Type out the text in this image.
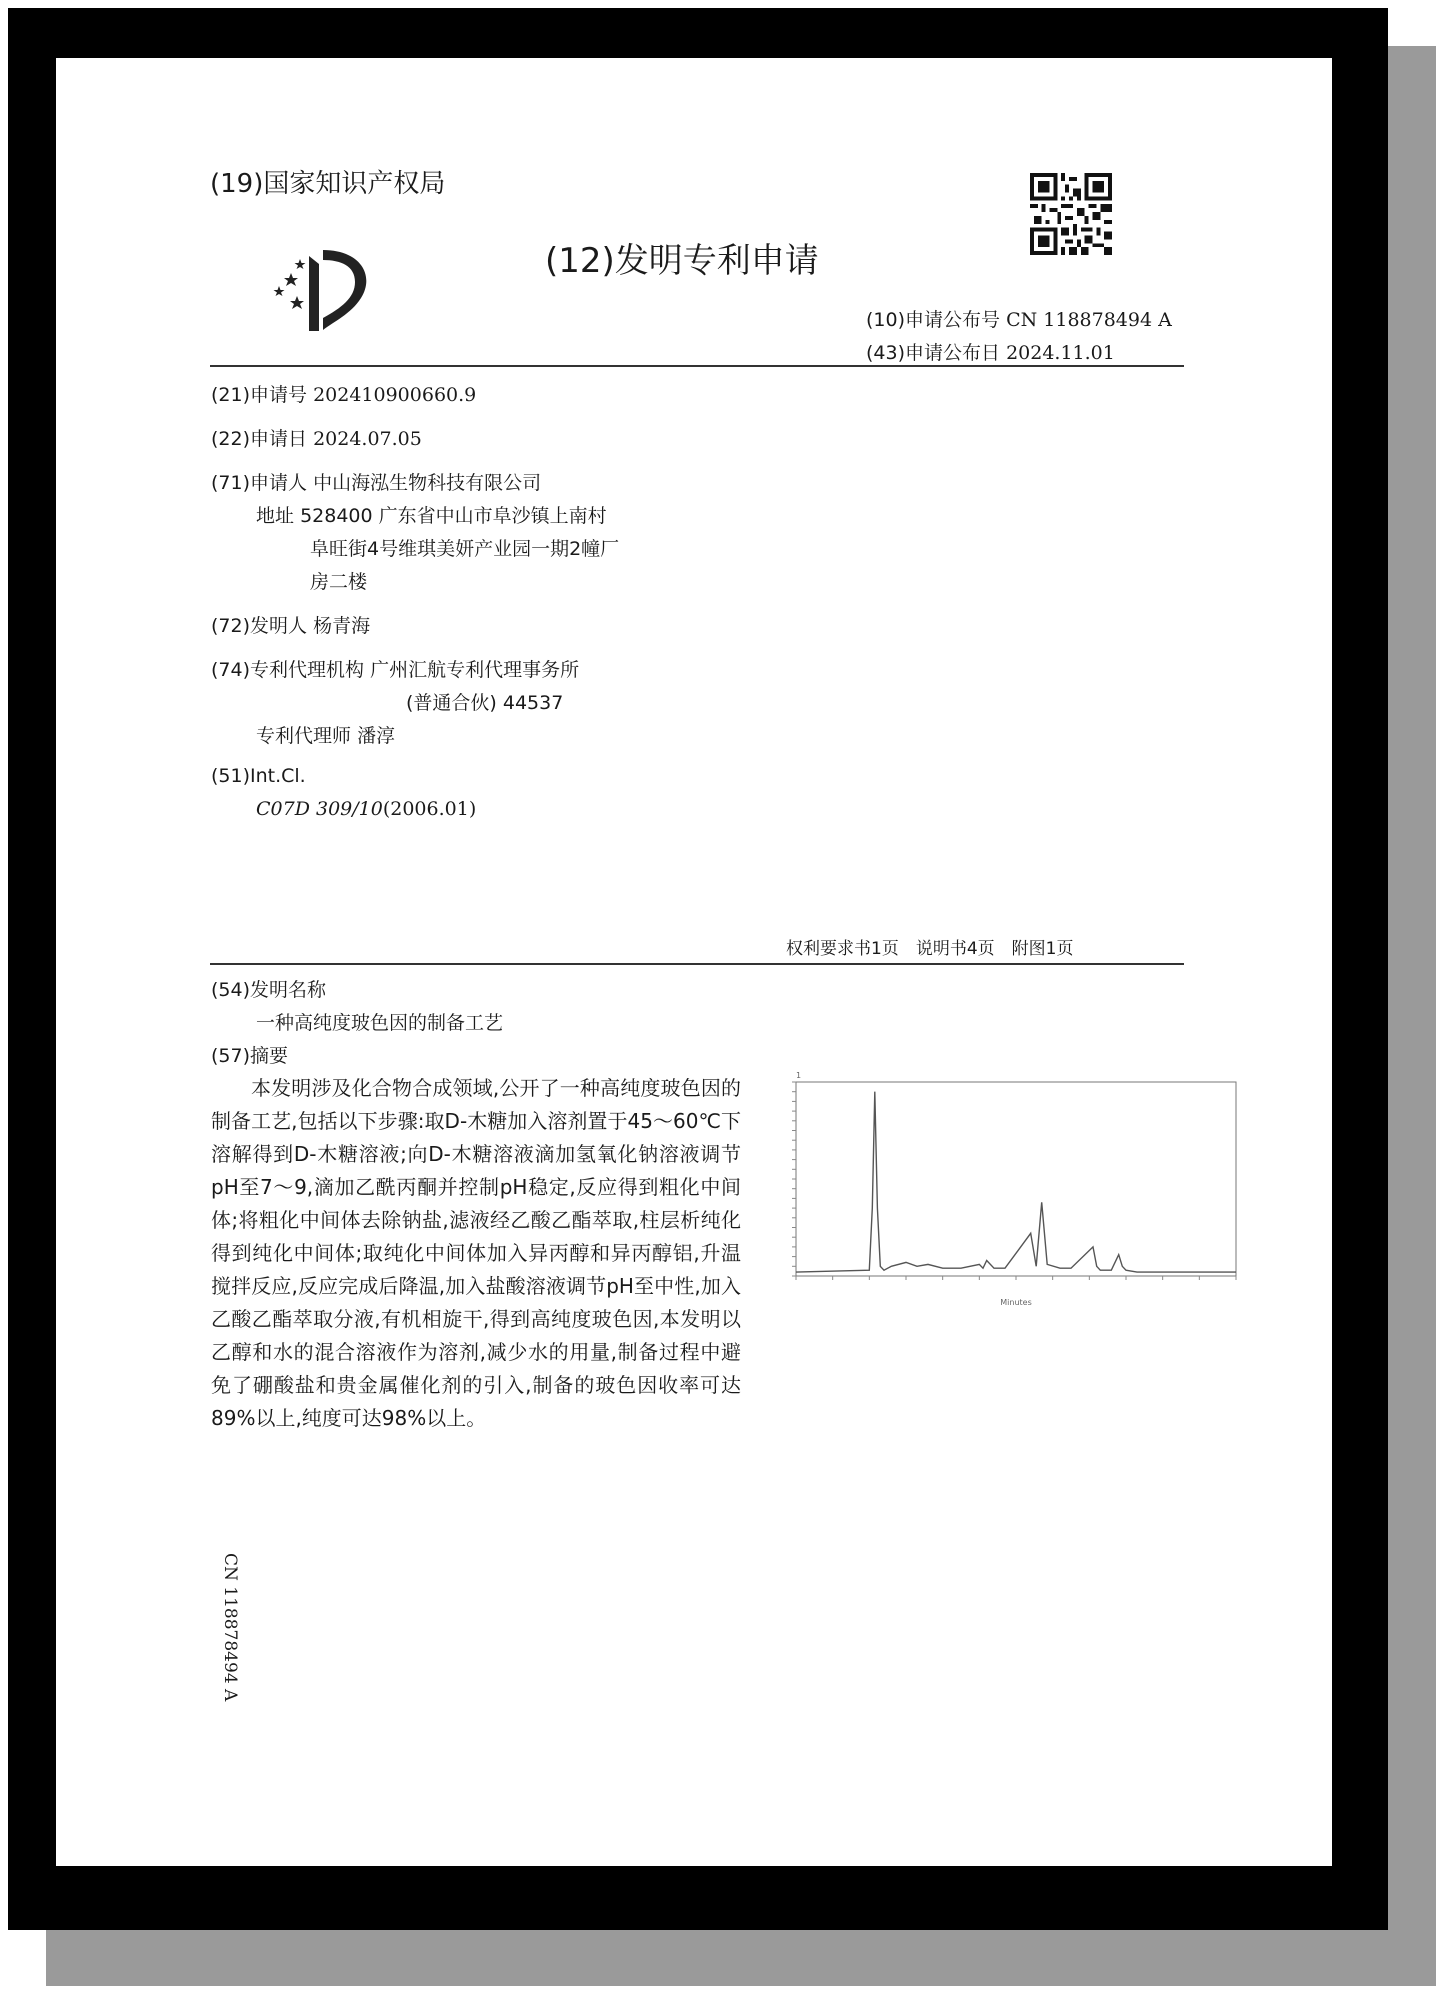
(19)国家知识产权局
(12)发明专利申请
(10)申请公布号 CN 118878494 A
(43)申请公布日 2024.11.01
(21)申请号 202410900660.9
(22)申请日 2024.07.05
(71)申请人 中山海泓生物科技有限公司
地址 528400 广东省中山市阜沙镇上南村
阜旺街4号维琪美妍产业园一期2幢厂
房二楼
(72)发明人 杨青海
(74)专利代理机构 广州汇航专利代理事务所
(普通合伙) 44537
专利代理师 潘淳
(51)Int.Cl.
C07D 309/10(2006.01)
权利要求书1页　说明书4页　附图1页
(54)发明名称
一种高纯度玻色因的制备工艺
(57)摘要
本发明涉及化合物合成领域,公开了一种高纯度玻色因的制备工艺,包括以下步骤:取D-木糖加入溶剂置于45～60℃下溶解得到D-木糖溶液;向D-木糖溶液滴加氢氧化钠溶液调节pH至7～9,滴加乙酰丙酮并控制pH稳定,反应得到粗化中间体;将粗化中间体去除钠盐,滤液经乙酸乙酯萃取,柱层析纯化得到纯化中间体;取纯化中间体加入异丙醇和异丙醇铝,升温搅拌反应,反应完成后降温,加入盐酸溶液调节pH至中性,加入乙酸乙酯萃取分液,有机相旋干,得到高纯度玻色因,本发明以乙醇和水的混合溶液作为溶剂,减少水的用量,制备过程中避免了硼酸盐和贵金属催化剂的引入,制备的玻色因收率可达89%以上,纯度可达98%以上。
CN 118878494 A
1
Minutes
